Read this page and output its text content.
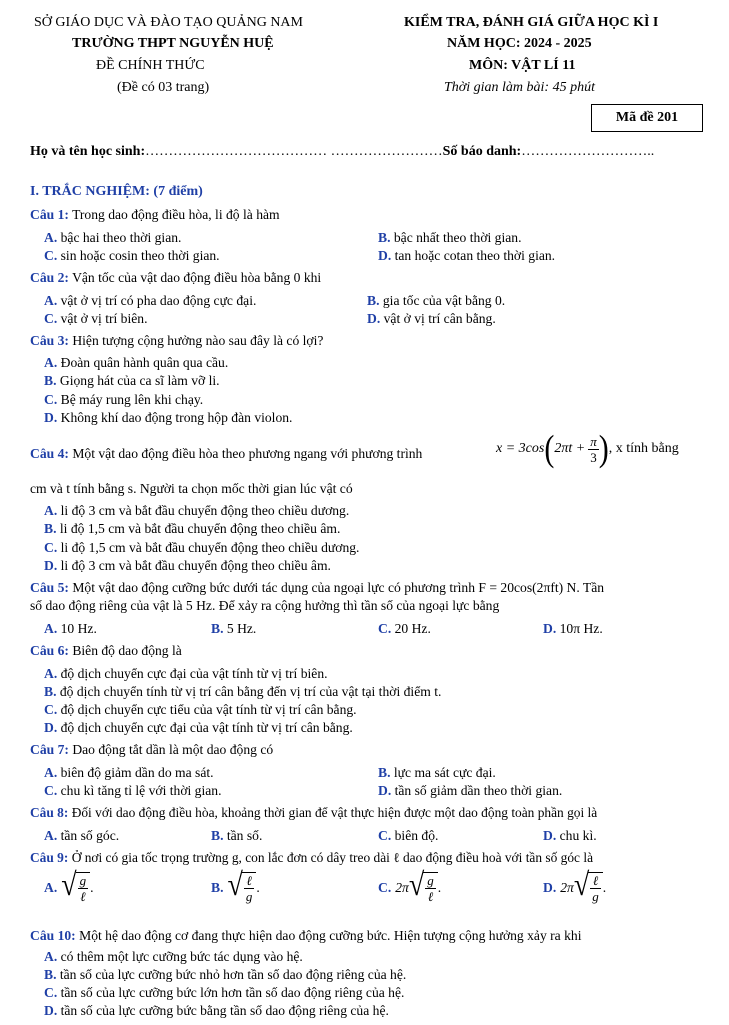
SỞ GIÁO DỤC VÀ ĐÀO TẠO QUẢNG NAM
TRƯỜNG THPT NGUYỄN HUỆ
ĐỀ CHÍNH THỨC
(Đề có 03 trang)
KIỂM TRA, ĐÁNH GIÁ GIỮA HỌC KÌ I
NĂM HỌC: 2024 - 2025
MÔN: VẬT LÍ 11
Thời gian làm bài: 45 phút
Mã đề 201
Họ và tên học sinh:………………………………… ……………………Số báo danh:………………………..
I. TRẮC NGHIỆM: (7 điểm)
Câu 1: Trong dao động điều hòa, li độ là hàm
A. bậc hai theo thời gian.	B. bậc nhất theo thời gian.
C. sin hoặc cosin theo thời gian.	D. tan hoặc cotan theo thời gian.
Câu 2: Vận tốc của vật dao động điều hòa bằng 0 khi
A. vật ở vị trí có pha dao động cực đại.	B. gia tốc của vật bằng 0.
C. vật ở vị trí biên.	D. vật ở vị trí cân bằng.
Câu 3: Hiện tượng cộng hưởng nào sau đây là có lợi?
A. Đoàn quân hành quân qua cầu.
B. Giọng hát của ca sĩ làm vỡ li.
C. Bệ máy rung lên khi chạy.
D. Không khí dao động trong hộp đàn violon.
Câu 4: Một vật dao động điều hòa theo phương ngang với phương trình	x = 3cos ( $2\pi t + \frac{\pi}{3}$ ) , x tính bằng
cm và t tính bằng s. Người ta chọn mốc thời gian lúc vật có
A. li độ 3 cm và bắt đầu chuyển động theo chiều dương.
B. li độ 1,5 cm và bắt đầu chuyển động theo chiều âm.
C. li độ 1,5 cm và bắt đầu chuyển động theo chiều dương.
D. li độ 3 cm và bắt đầu chuyển động theo chiều âm.
Câu 5: Một vật dao động cưỡng bức dưới tác dụng của ngoại lực có phương trình F = 20cos(2πft) N. Tần
số dao động riêng của vật là 5 Hz. Để xảy ra cộng hưởng thì tần số của ngoại lực bằng
A. 10 Hz.	B. 5 Hz.	C. 20 Hz.	D. 10π Hz.
Câu 6: Biên độ dao động là
A. độ dịch chuyển cực đại của vật tính từ vị trí biên.
B. độ dịch chuyển tính từ vị trí cân bằng đến vị trí của vật tại thời điểm t.
C. độ dịch chuyển cực tiểu của vật tính từ vị trí cân bằng.
D. độ dịch chuyển cực đại của vật tính từ vị trí cân bằng.
Câu 7: Dao động tắt dần là một dao động có
A. biên độ giảm dần do ma sát.	B. lực ma sát cực đại.
C. chu kì tăng tỉ lệ với thời gian.	D. tần số giảm dần theo thời gian.
Câu 8: Đối với dao động điều hòa, khoảng thời gian để vật thực hiện được một dao động toàn phần gọi là
A. tần số góc.	B. tần số.	C. biên độ.	D. chu kì.
Câu 9: Ở nơi có gia tốc trọng trường g, con lắc đơn có dây treo dài ℓ dao động điều hoà với tần số góc là
A. √ $\frac{g}{\text{ℓ}}$ .	B. √ $\frac{\text{ℓ}}{g}$ .	C. 2π √ $\frac{g}{\text{ℓ}}$ .	D. 2π √ $\frac{\text{ℓ}}{g}$ .
Câu 10: Một hệ dao động cơ đang thực hiện dao động cưỡng bức. Hiện tượng cộng hưởng xảy ra khi
A. có thêm một lực cưỡng bức tác dụng vào hệ.
B. tần số của lực cưỡng bức nhỏ hơn tần số dao động riêng của hệ.
C. tần số của lực cưỡng bức lớn hơn tần số dao động riêng của hệ.
D. tần số của lực cưỡng bức bằng tần số dao động riêng của hệ.
